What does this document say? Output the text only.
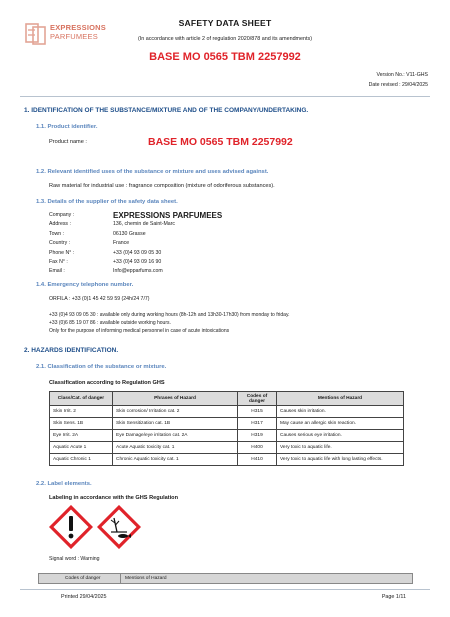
EXPRESSIONS
PARFUMEES
SAFETY DATA SHEET
(In accordance with article 2 of regulation 2020/878 and its amendments)
BASE MO 0565 TBM 2257992
Version No.: V11-GHS
Date revised : 29/04/2025
1. IDENTIFICATION OF THE SUBSTANCE/MIXTURE AND OF THE COMPANY/UNDERTAKING.
1.1. Product identifier.
Product name :	BASE MO 0565 TBM 2257992
1.2. Relevant identified uses of the substance or mixture and uses advised against.
Raw material for industrial use : fragrance composition (mixture of odoriferous substances).
1.3. Details of the supplier of the safety data sheet.
Company :	EXPRESSIONS PARFUMEES
Address :	136, chemin de Saint-Marc
Town :	06130 Grasse
Country :	France
Phone N° :	+33 (0)4 93 09 05 30
Fax N° :	+33 (0)4 93 09 16 90
Email :	Info@epparfums.com
1.4. Emergency telephone number.
ORFILA : +33 (0)1 45 42 59 59 (24h/24 7/7)
+33 (0)4 93 09 05 30 : available only during working hours (8h-12h and 13h30-17h30) from monday to friday.
+33 (0)6 85 19 07 86 : available outside working hours.
Only for the purpose of informing medical personnel in case of acute intoxications
2. HAZARDS IDENTIFICATION.
2.1. Classification of the substance or mixture.
Classification according to Regulation GHS
Class/Cat. of danger	Phrases of Hazard	Codes of danger	Mentions of Hazard
Skin Irrit. 2	Skin corrosion/ Irritation cat. 2	H315	Causes skin irritation.
Skin Sens. 1B	Skin Sensitization cat. 1B	H317	May cause an allergic skin reaction.
Eye Irrit. 2A	Eye Damage/eye irritation cat. 2A	H319	Causes serious eye irritation.
Aquatic Acute 1	Acute Aquatic toxicity cat. 1	H400	Very toxic to aquatic life.
Aquatic Chronic 1	Chronic Aquatic toxicity cat. 1	H410	Very toxic to aquatic life with long lasting effects.
2.2. Label elements.
Labeling in accordance with the GHS Regulation
Signal word : Warning
Codes of danger	Mentions of Hazard
Printed 29/04/2025	Page 1/11
